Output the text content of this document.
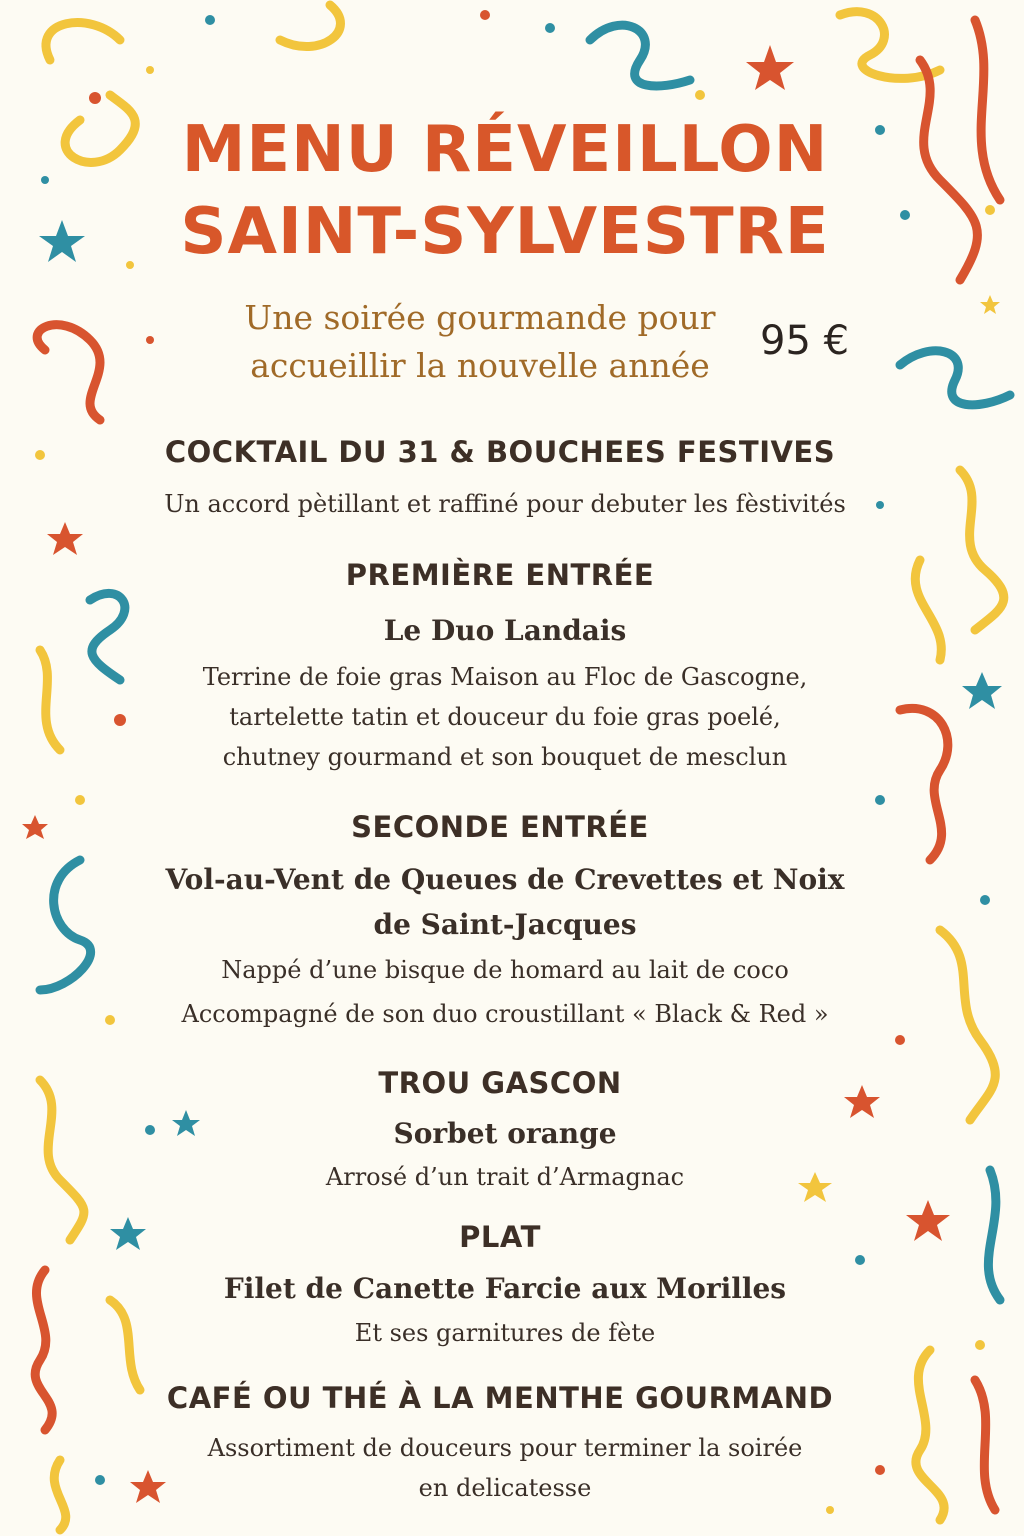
MENU RÉVEILLON
SAINT-SYLVESTRE
Une soirée gourmande pour
accueillir la nouvelle année
95 €
COCKTAIL DU 31 & BOUCHEES FESTIVES
Un accord pètillant et raffiné pour debuter les fèstivités
PREMIÈRE ENTRÉE
Le Duo Landais
Terrine de foie gras Maison au Floc de Gascogne,
tartelette tatin et douceur du foie gras poelé,
chutney gourmand et son bouquet de mesclun
SECONDE ENTRÉE
Vol-au-Vent de Queues de Crevettes et Noix
de Saint-Jacques
Nappé d’une bisque de homard au lait de coco
Accompagné de son duo croustillant « Black & Red »
TROU GASCON
Sorbet orange
Arrosé d’un trait d’Armagnac
PLAT
Filet de Canette Farcie aux Morilles
Et ses garnitures de fète
CAFÉ OU THÉ À LA MENTHE GOURMAND
Assortiment de douceurs pour terminer la soirée
en delicatesse
